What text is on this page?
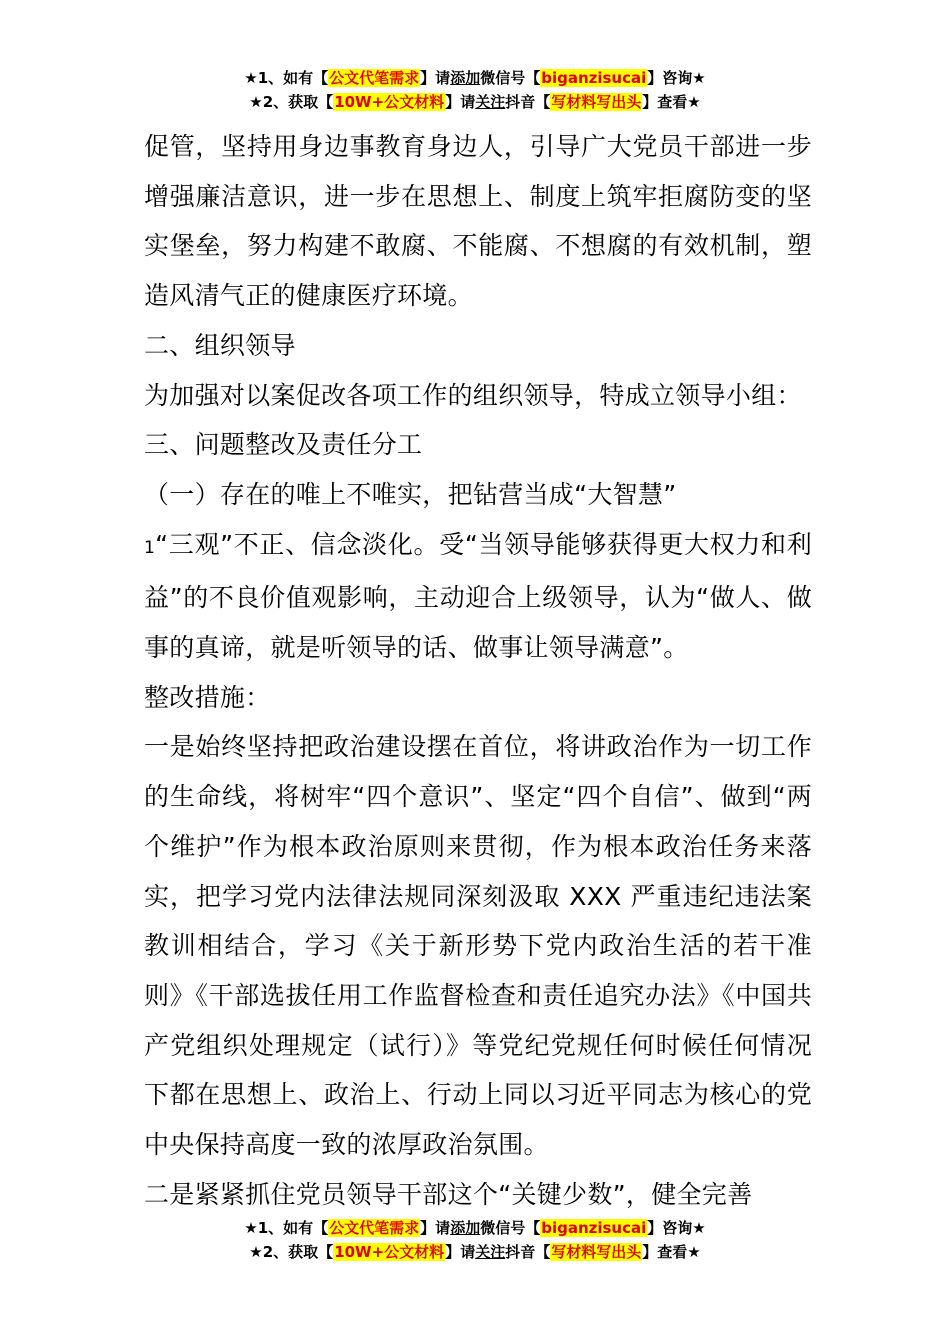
★1、如有【公文代笔需求】请添加微信号【biganzisucai】咨询★
★2、获取【10W+公文材料】请关注抖音【写材料写出头】查看★

促管，坚持用身边事教育身边人，引导广大党员干部进一步增强廉洁意识，进一步在思想上、制度上筑牢拒腐防变的坚实堡垒，努力构建不敢腐、不能腐、不想腐的有效机制，塑造风清气正的健康医疗环境。

二、组织领导

为加强对以案促改各项工作的组织领导，特成立领导小组：

三、问题整改及责任分工

（一）存在的唯上不唯实，把钻营当成“大智慧”

1“三观”不正、信念淡化。受“当领导能够获得更大权力和利益”的不良价值观影响，主动迎合上级领导，认为“做人、做事的真谛，就是听领导的话、做事让领导满意”。

整改措施：

一是始终坚持把政治建设摆在首位，将讲政治作为一切工作的生命线，将树牢“四个意识”、坚定“四个自信”、做到“两个维护”作为根本政治原则来贯彻，作为根本政治任务来落实，把学习党内法律法规同深刻汲取 XXX 严重违纪违法案教训相结合，学习《关于新形势下党内政治生活的若干准则》《干部选拔任用工作监督检查和责任追究办法》《中国共产党组织处理规定（试行）》等党纪党规任何时候任何情况下都在思想上、政治上、行动上同以习近平同志为核心的党中央保持高度一致的浓厚政治氛围。

二是紧紧抓住党员领导干部这个“关键少数”，健全完善

★1、如有【公文代笔需求】请添加微信号【biganzisucai】咨询★
★2、获取【10W+公文材料】请关注抖音【写材料写出头】查看★
